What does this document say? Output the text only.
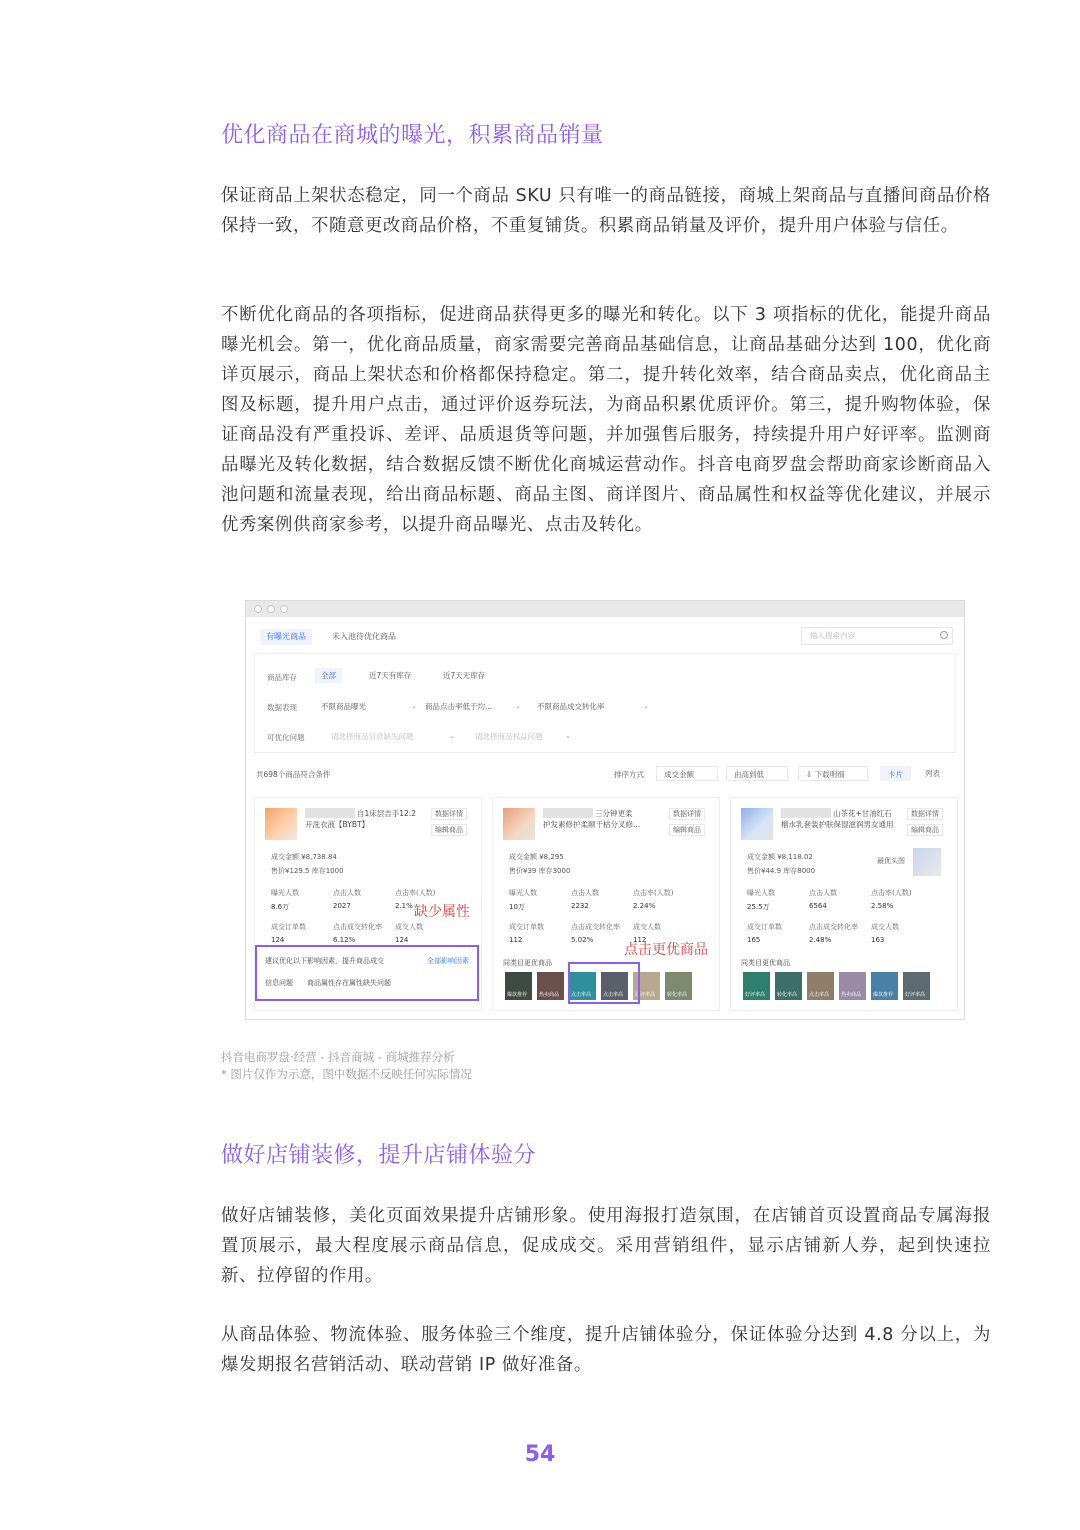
优化商品在商城的曝光，积累商品销量

保证商品上架状态稳定，同一个商品 SKU 只有唯一的商品链接，商城上架商品与直播间商品价格保持一致，不随意更改商品价格，不重复铺货。积累商品销量及评价，提升用户体验与信任。

不断优化商品的各项指标，促进商品获得更多的曝光和转化。以下 3 项指标的优化，能提升商品曝光机会。第一，优化商品质量，商家需要完善商品基础信息，让商品基础分达到 100，优化商详页展示，商品上架状态和价格都保持稳定。第二，提升转化效率，结合商品卖点，优化商品主图及标题，提升用户点击，通过评价返券玩法，为商品积累优质评价。第三，提升购物体验，保证商品没有严重投诉、差评、品质退货等问题，并加强售后服务，持续提升用户好评率。监测商品曝光及转化数据，结合数据反馈不断优化商城运营动作。抖音电商罗盘会帮助商家诊断商品入池问题和流量表现，给出商品标题、商品主图、商详图片、商品属性和权益等优化建议，并展示优秀案例供商家参考，以提升商品曝光、点击及转化。

有曝光商品	未入池待优化商品	输入搜索内容
商品库存	全部	近7天有库存	近7天无库存
数据表现	不限商品曝光	⌄ 商品点击率低于均...	⌄ 不限商品成交转化率	⌄
可优化问题	请选择商品信息缺失问题	⌄	请选择商品权益问题	⌄
共698个商品符合条件	排序方式	成交金额	由高到低	⇩ 下载明细	卡片	列表
自1床层吉手12.2
开洗衣液【BYBT】
数据详情
编辑商品
成交金额 ¥8,738.84
售价¥129.5 库存1000
曝光人数	点击人数	点击率(人数)
8.6万	2027	2.1%
成交订单数	点击成交转化率 成交人数
124	6.12%	124
建议优化以下影响因素，提升商品成交	全部影响因素
信息问题 商品属性存在属性缺失问题
三分钟更柔
护发素修护柔顺干枯分叉修...
数据详情
编辑商品
成交金额 ¥8,295
售价¥39 库存3000
曝光人数	点击人数	点击率(人数)
10万	2232	2.24%
成交订单数	点击成交转化率 成交人数
112	5.02%	112
同类目更优商品
爆款推荐 热卖商品 点击率高 点击率高 好评率高 转化率高
山茶花+甘油红石
榴水乳套装护肤保湿滋润男女通用
数据详情
编辑商品
成交金额 ¥8,118.02
售价¥44.9 库存8000
最优头图
曝光人数	点击人数	点击率(人数)
25.5万	6564	2.58%
成交订单数	点击成交转化率 成交人数
165	2.48%	163
同类目更优商品
好评率高 转化率高 点击率高 热卖商品 爆款推荐 好评率高
缺少属性
点击更优商品

抖音电商罗盘·经营 - 抖音商城 - 商城推荐分析

* 图片仅作为示意，图中数据不反映任何实际情况

做好店铺装修，提升店铺体验分

做好店铺装修，美化页面效果提升店铺形象。使用海报打造氛围，在店铺首页设置商品专属海报置顶展示，最大程度展示商品信息，促成成交。采用营销组件，显示店铺新人券，起到快速拉新、拉停留的作用。

从商品体验、物流体验、服务体验三个维度，提升店铺体验分，保证体验分达到 4.8 分以上，为爆发期报名营销活动、联动营销 IP 做好准备。

54
